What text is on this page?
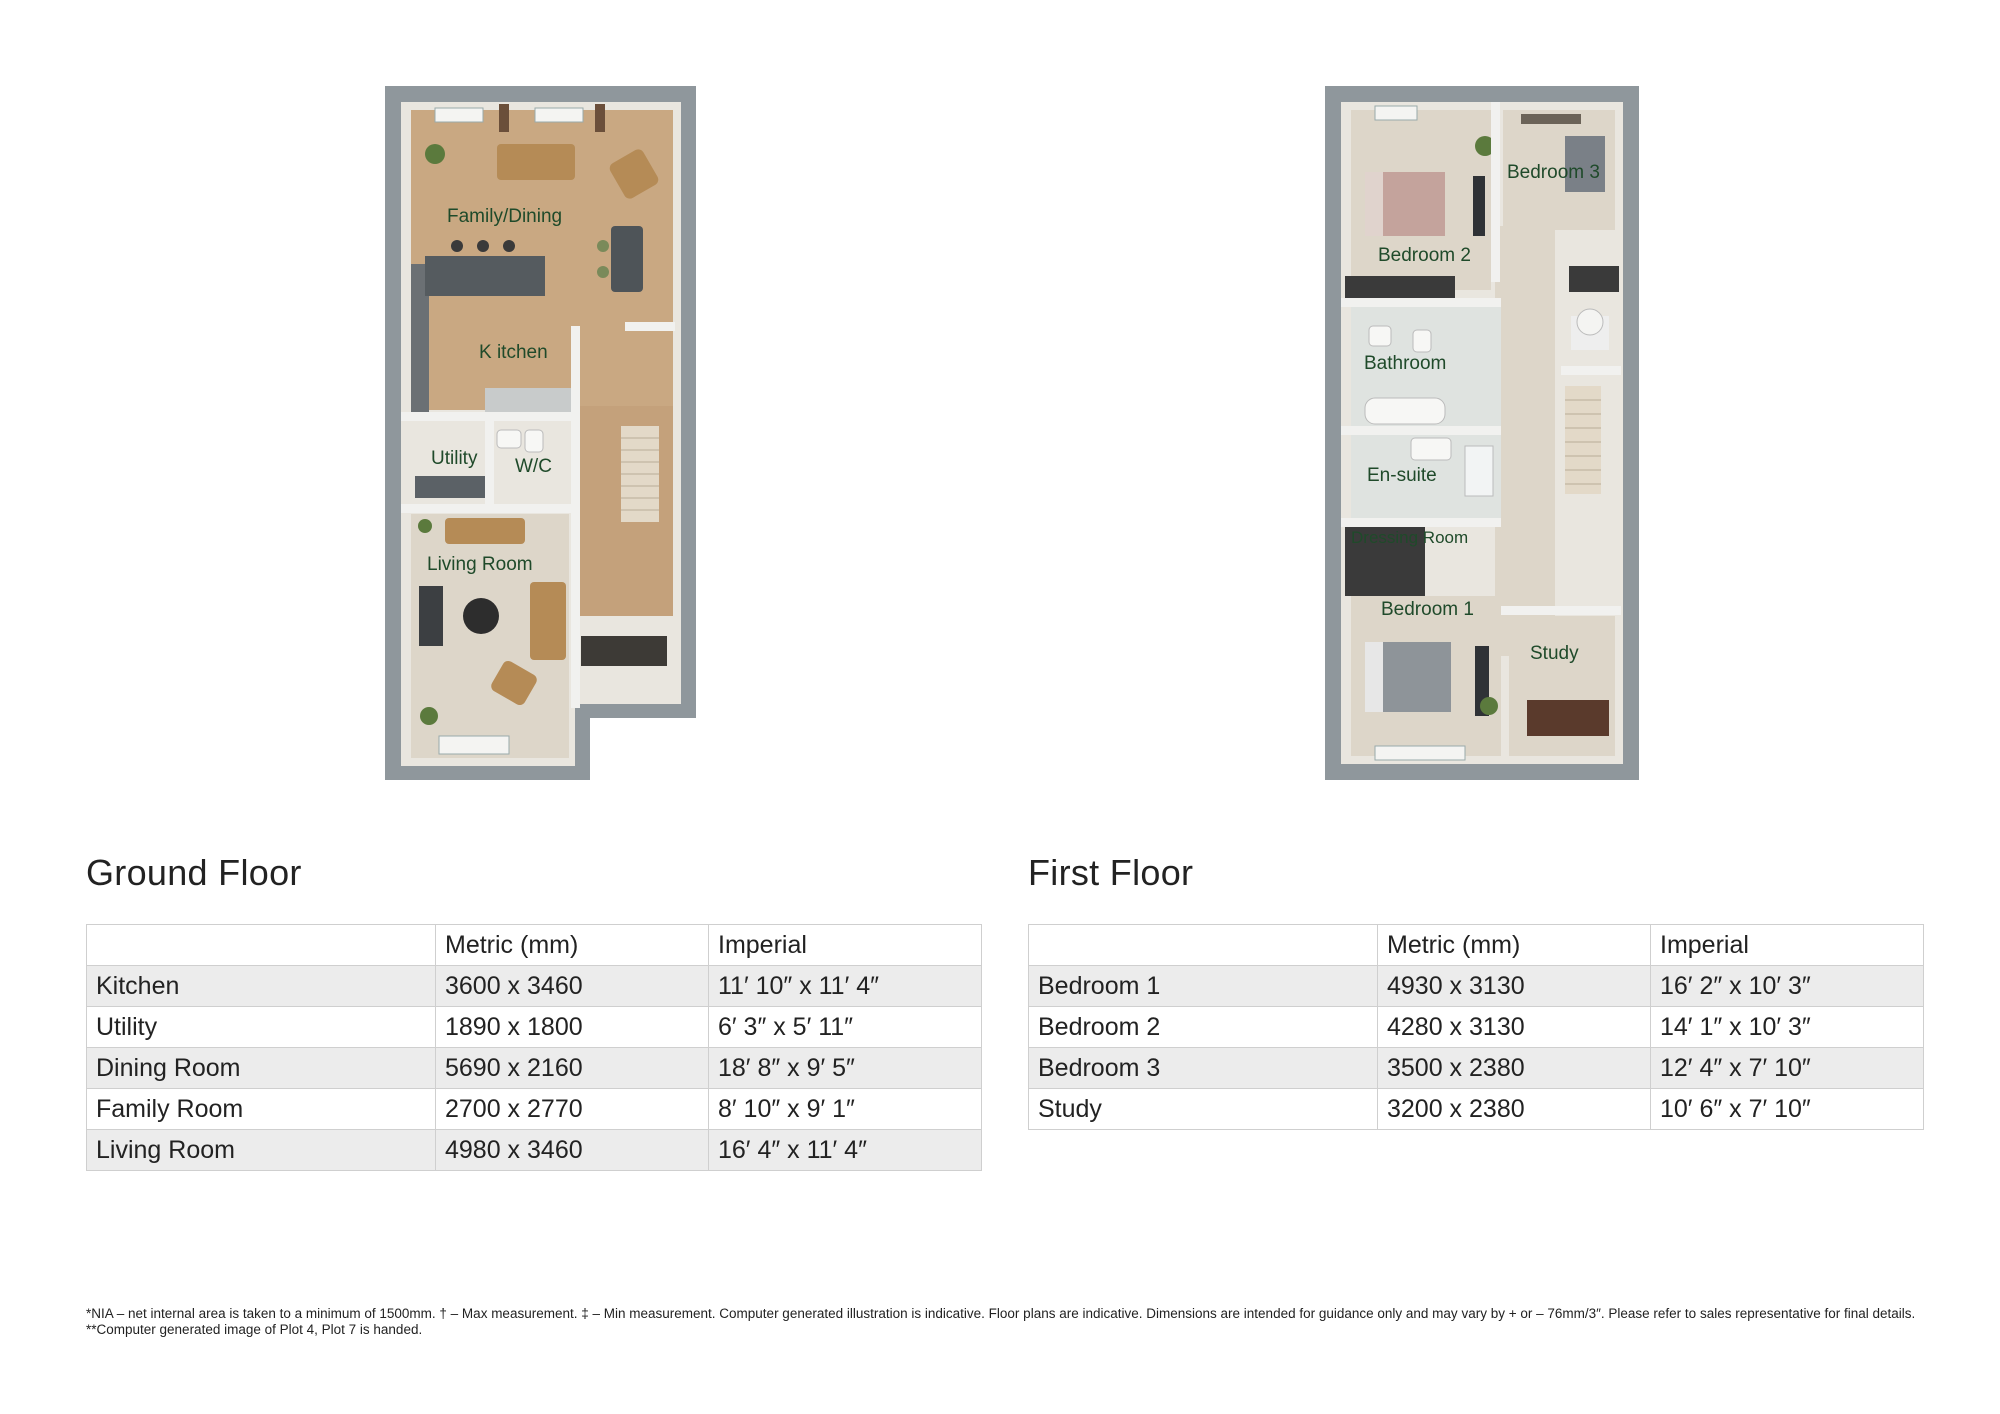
Family/Dining
K itchen
Utility W/C
Living Room
Bedroom 3
Bedroom 2
Bathroom
En-suite
Dressing Room
Bedroom 1
Study
Ground Floor
	Metric (mm)	Imperial
Kitchen	3600 x 3460	11′ 10″ x 11′ 4″
Utility	1890 x 1800	6′ 3″ x 5′ 11″
Dining Room	5690 x 2160	18′ 8″ x 9′ 5″
Family Room	2700 x 2770	8′ 10″ x 9′ 1″
Living Room	4980 x 3460	16′ 4″ x 11′ 4″
First Floor
	Metric (mm)	Imperial
Bedroom 1	4930 x 3130	16′ 2″ x 10′ 3″
Bedroom 2	4280 x 3130	14′ 1″ x 10′ 3″
Bedroom 3	3500 x 2380	12′ 4″ x 7′ 10″
Study	3200 x 2380	10′ 6″ x 7′ 10″
*NIA – net internal area is taken to a minimum of 1500mm. † – Max measurement. ‡ – Min measurement. Computer generated illustration is indicative. Floor plans are indicative. Dimensions are intended for guidance only and may vary by + or – 76mm/3″. Please refer to sales representative for final details. **Computer generated image of Plot 4, Plot 7 is handed.
